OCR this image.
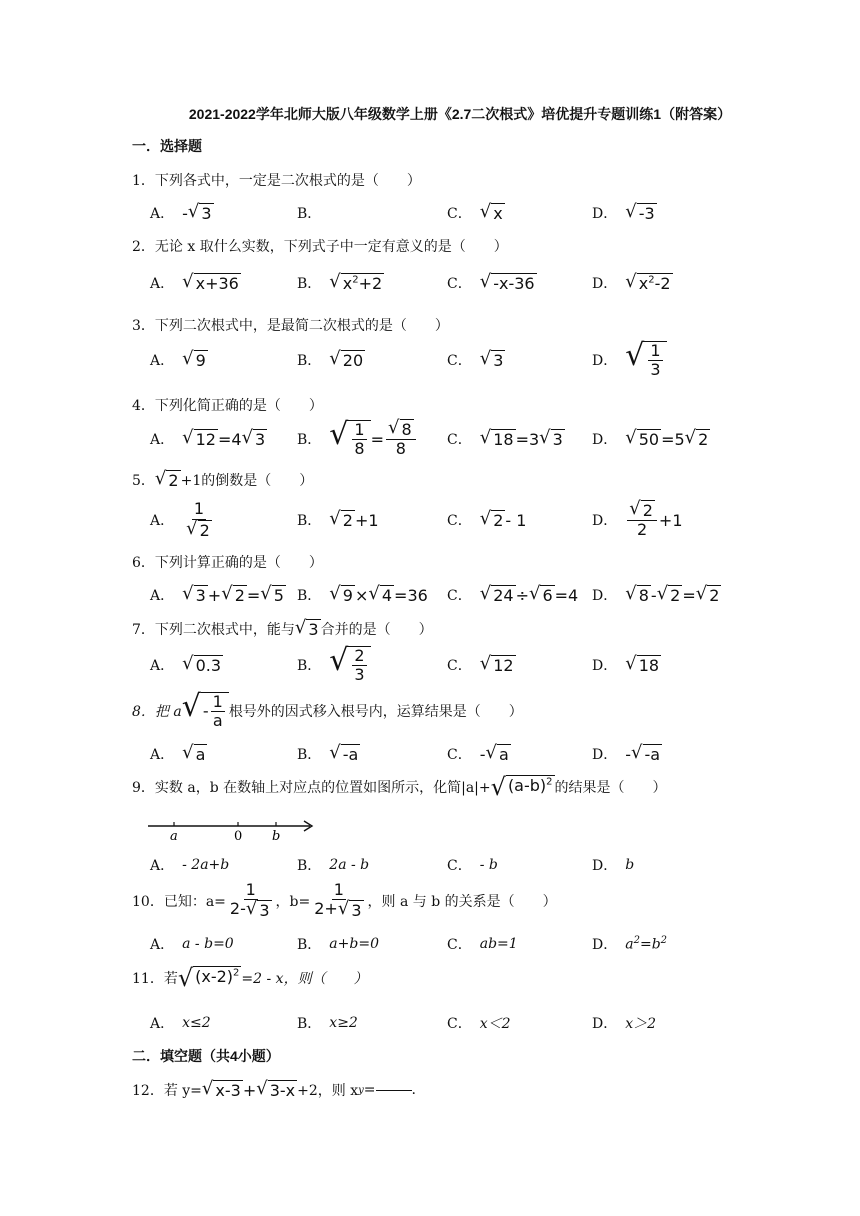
2021-2022学年北师大版八年级数学上册《2.7二次根式》培优提升专题训练1（附答案）
一．选择题
1．下列各式中，一定是二次根式的是（　　）
A． - √ 3	B．	C． √ x	D． √ -3
2．无论 x 取什么实数，下列式子中一定有意义的是（　　）
A． √ x+36	B． √ $x^2+2$	C． √ -x-36	D． √ $x^2-2$
3．下列二次根式中，是最简二次根式的是（　　）
A． √ 9	B． √ 20	C． √ 3	D． √ $\frac{1}{3}$
4．下列化简正确的是（　　）
A． √ 12 =4 √ 3 B． √ $\frac{1}{8} = \frac{√ 8}{8}$ C． √ 18 =3 √ 3 D． √ 50 =5 √ 2
5． √ 2 +1的倒数是（　　）
A． $\frac{1}{√ 2}$	B． √ 2 +1	C． √ 2 - 1	D． $\frac{√ 2}{2} +1$
6．下列计算正确的是（　　）
A． √ 3 + √ 2 = √ 5 B． √ 9 × √ 4 =36 C． √ 24 ÷ √ 6 =4 D． √ 8 - √ 2 = √ 2
7．下列二次根式中，能与 √ 3 合并的是（　　）
A． √ 0.3	B． √ $\frac{2}{3}$	C． √ 12	D． √ 18
8．把 a √ - $\frac{1}{a}$ 根号外的因式移入根号内，运算结果是（　　）
A． √ a	B． √ -a	C． - √ a	D． - √ -a
9．实数 a，b 在数轴上对应点的位置如图所示，化简|a|+ √ $(a-b)^2$ 的结果是（　　）
a	0 b
A． - 2a+b	B． 2a - b	C． - b	D． b
10．已知：$a= \frac{1}{2- √ 3}$ ，$b= \frac{1}{2+ √ 3}$ ，则 a 与 b 的关系是（　　）
A． a - b=0	B． a+b=0	C． ab=1	D． $a^2=b^2$
11．若 √ $(x-2)^2 =2 - x$，则（　　）
A． x≤2	B． x≥2	C． x＜2	D． x＞2
二．填空题（共4小题）
12．若 y= √ x-3 + √ 3-x +2，则 x y =	.
